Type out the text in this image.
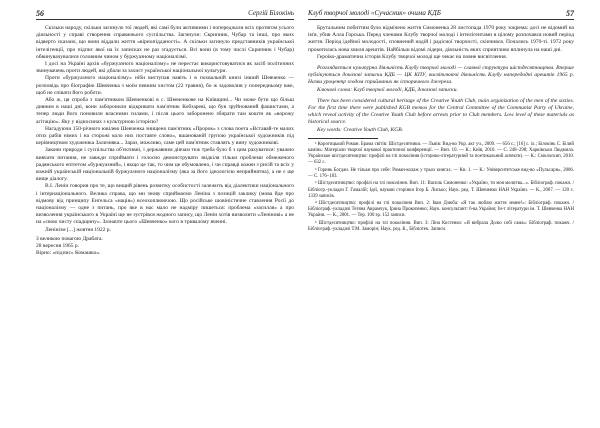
56	Сергій Білокінь

Скільки народу, скільки загинуло тої людей, які самі були активними і попереджали всіх протягом усього діяльності у справі створення справжнього суспільства. Загинули: Скрипник, Чубар та інші, про яких відверто сказано, що вони віддали життя «вірнопідданості». А скільки загинуло представників української інтелігенції, про підпис якої на їх записках не раз згадується. Всі вони (в тому числі Скрипник і Чубар) обвинувачувалися головним чином у буржуазному націоналізмі.

І досі на Україні архів «буржуазного націоналізму» не перестає використовуватися як засіб політичних звинувачень проти людей, які дбали за захист української національної культури.

Проти «буржуазного націоналізму» ніби виступав навіть і в похвальній книзі інший Шевченко — розповідь про біографію Шевченка з моїм певним хистом (22 травня), бо ж задоволив у попередньому вже, щоб не співати його роботи.

Або ж, ця спроба з пам'ятником Шевченкові в с. Шевченкове на Київщині... Чи може бути що більш дивним в наші дні, вони заборонили відкривати пам'ятник Кобзареві, що був зруйнований фашистами, а тепер люди його поновили власними силами, і після цього заборонено збирати там кошти як «ворожу агітацію». Яку у відносинах з культурною історією?

Нагадуючи 150-річного ювілею Шевченка знищено пам'ятник «Пророк» з слова поета «Вставай-те малих отих рабів німих і на сторожі коло них поставте слово», вшанованій групою української художників під керівництвом художника Зализняка... Зараз, можливо, саме цей пам'ятник ставлять у вину художникові.

Закони природи і суспільства об'єктивні, і державним діячам теж треба було б з цим рахуватися: уважно вивчати питання, не завжди сприймати і голосно демонструвати звідкіля тільки проблеми обмеженого радянського епітетом «буржуазний», і якщо це так, то чим це обумовлено, і чи справді кожен з рисій та всіх у кожній українській національній буржуазного націоналізму (яка за його ідеологією неприйнятна), а не є ще вище діалогу.

В.І. Ленін говорив про те, що вищий рівень розвитку особистості залежить від діалектики національного і інтернаціонального. Велика справа, що ми знову сприймаємо Леніна з позицій заклику (мова йде про відмову від принципу Енгельса «нація») всеохоплюючою. Що російське шовіністичне ставлення Росії до націоналізму — одне з питань, про яке в нас мало не надміру пишеться: проблема «засилля» а про визволення українського в Україні ще не зустрівся жодного запису, що Ленін хотів визволити «Лeнінові» а не на «свою чисту спадщину». Зазначте цього «Шевченко» кого в тривалому вченні.

Ленінізм [...] жовтня 1922 р.

З великою повагою Драбата.

28 вересня 1965 р.

Вірно: «підпис» Комашко».

Клуб творчої молоді «Сучасник» очима КДБ	57

Брутальним побиттям було відмічено життя Симоненка 28 листопада 1970 року зокрема: досі не відомий на ім'я, убив Алла Горська. Перед членами Клубу творчої молоді і інтелігентами в цілому розпочався новий період життя. Період ідейної молодості, сповнений надій і радісної творчості, скінчився. Почались 1970-ті. 1972 року прокотилась нова хвиля арештів. Найбільш відомі лідери, діяльність яких сприятливо вплинула на наші дні.

Героїко-драматична історія Клубу творчої молоді ще чекає на повне висвітлення.

Розглядається культурна діяльність Клубу творчої молоді — славної структури шістдесятництва. Вперше публікуються доказові записки КДБ — ЦК КПУ, висвітлюючі діяльність Клубу напередодні арештів 1965 р. Назви уроцентр згодом сприйманих як історичного джерела.

Ключові слова: Клуб творчої молоді, КДБ, доказові записки.

There has been considered cultural heritage of the Creative Youth Club, main organization of the men of the sixties. For the first time there were published KGB memos for the Central Committee of the Communist Party of Ukraine, which reveal activity of the Creative Youth Club before arrests prior to Club members. Low level of these materials as historical source.

Key words: Creative Youth Club, KGB.

¹ Коротицький Роман. Брама світів: Шістдесятники. — Львів: Вид-во Укр. акт уч., 2009. — 656 с.; [16] с. іл.; Білокінь С. Білий камінь: Матеріали творчої наукової практичної конференції. — Вип. 10. — К.: Київ, 2010. — С. 248–298; Харківськи Людмила. Українське шістдесятництво: профілі на тлі покоління (історико-літературний та поетикальний аспекти). — К.: Смолоскип, 2010. — 632 с.

² Горинь Богдан. Не тільки про себе: Роман-колаж у трьох книгах. — Кн. 1. — К.: Університетське вид-во «Пульсари», 2006. — С. 176–183.

³ Шістдесятництво: профілі на тлі покоління. Вип. 11: Василь Симоненко: «Україно, ти моя молитва...». Бібліограф. покажч. / Бібліогр.-укладач Г. Гамалій; Ідеї, наукові сторінки Ігор Б. Лисько; Наук. ред. Т. Шевченко НАН України. — К., 2007. — 120 с. 1339 записів.

⁴ Шістдесятництво: профілі на тлі покоління Вип. 2: Іван Дзюба: «Я так люблю життя земне!»: Бібліограф. покажч. / Бібліограф.-укладачі Тетяна Аврамчук, Ірина Прокопенко; Наук. консультант: 6-ва України; Ін-т літератури ім. Т. Шевченка НАН України. — К., 2001. — Тер. 100 зр. 152 записи.

⁵ Шістдесятництво: профілі на тлі покоління. Вип. 3: Ліна Костенко: «Я вибрала Долю собі сама»: Бібліограф. покажч. / Бібліограф.-укладачі Т.М. Заморін; Наук. ред. К., Бібліотек. Записи.
